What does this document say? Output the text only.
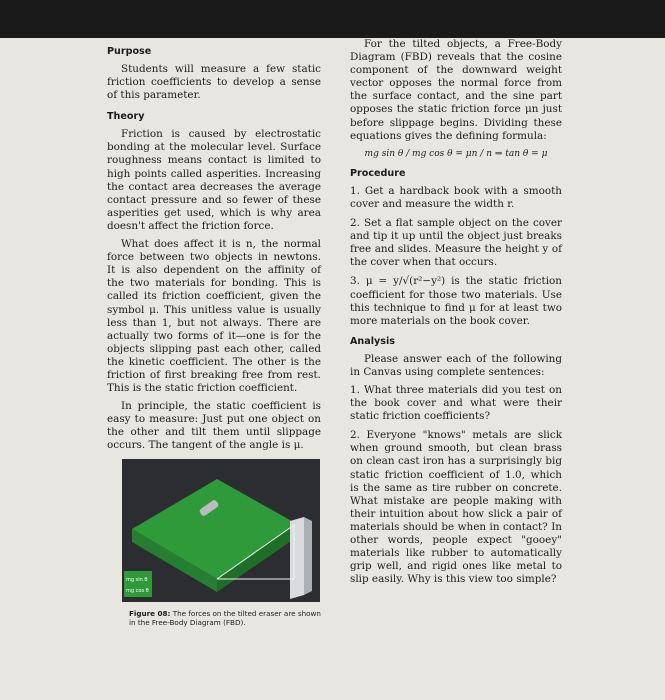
Purpose

Students will measure a few static friction coefficients to develop a sense of this parameter.

Theory

Friction is caused by electrostatic bonding at the molecular level. Surface roughness means contact is limited to high points called asperities. Increasing the contact area decreases the average contact pressure and so fewer of these asperities get used, which is why area doesn't affect the friction force.

What does affect it is n, the normal force between two objects in newtons. It is also dependent on the affinity of the two materials for bonding. This is called its friction coefficient, given the symbol μ. This unitless value is usually less than 1, but not always. There are actually two forms of it—one is for the objects slipping past each other, called the kinetic coefficient. The other is the friction of first breaking free from rest. This is the static friction coefficient.

In principle, the static coefficient is easy to measure: Just put one object on the other and tilt them until slippage occurs. The tangent of the angle is μ.

mg sin θ
mg cos θ
Figure 08: The forces on the tilted eraser are shown in the Free-Body Diagram (FBD).

For the tilted objects, a Free-Body Diagram (FBD) reveals that the cosine component of the downward weight vector opposes the normal force from the surface contact, and the sine part opposes the static friction force μn just before slippage begins. Dividing these equations gives the defining formula:

mg sin θ / mg cos θ = μn / n ⇒ tan θ = μ
Procedure
1. Get a hardback book with a smooth cover and measure the width r.
2. Set a flat sample object on the cover and tip it up until the object just breaks free and slides. Measure the height y of the cover when that occurs.
3. μ = y/√(r²−y²) is the static friction coefficient for those two materials. Use this technique to find μ for at least two more materials on the book cover.
Analysis

Please answer each of the following in Canvas using complete sentences:

1. What three materials did you test on the book cover and what were their static friction coefficients?
2. Everyone "knows" metals are slick when ground smooth, but clean brass on clean cast iron has a surprisingly big static friction coefficient of 1.0, which is the same as tire rubber on concrete. What mistake are people making with their intuition about how slick a pair of materials should be when in contact? In other words, people expect "gooey" materials like rubber to automatically grip well, and rigid ones like metal to slip easily. Why is this view too simple?
